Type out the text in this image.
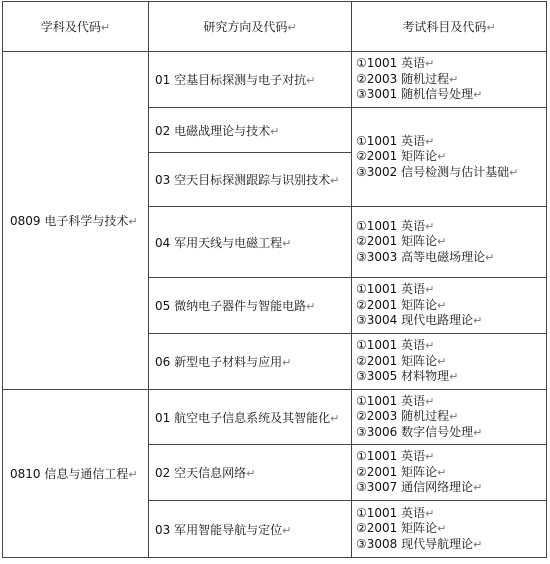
学科及代码↵	研究方向及代码↵	考试科目及代码↵
0809 电子科学与技术↵	01 空基目标探测与电子对抗↵	①1001 英语↵
②2003 随机过程↵
③3001 随机信号处理↵

	02 电磁战理论与技术↵	①1001 英语↵
②2001 矩阵论↵
③3002 信号检测与估计基础↵

	03 空天目标探测跟踪与识别技术↵	
	04 军用天线与电磁工程↵	①1001 英语↵
②2001 矩阵论↵
③3003 高等电磁场理论↵

	05 微纳电子器件与智能电路↵	①1001 英语↵
②2001 矩阵论↵
③3004 现代电路理论↵

	06 新型电子材料与应用↵	①1001 英语↵
②2001 矩阵论↵
③3005 材料物理↵

0810 信息与通信工程↵	01 航空电子信息系统及其智能化↵	①1001 英语↵
②2003 随机过程↵
③3006 数字信号处理↵

	02 空天信息网络↵	①1001 英语↵
②2001 矩阵论↵
③3007 通信网络理论↵

	03 军用智能导航与定位↵	①1001 英语↵
②2001 矩阵论↵
③3008 现代导航理论↵
